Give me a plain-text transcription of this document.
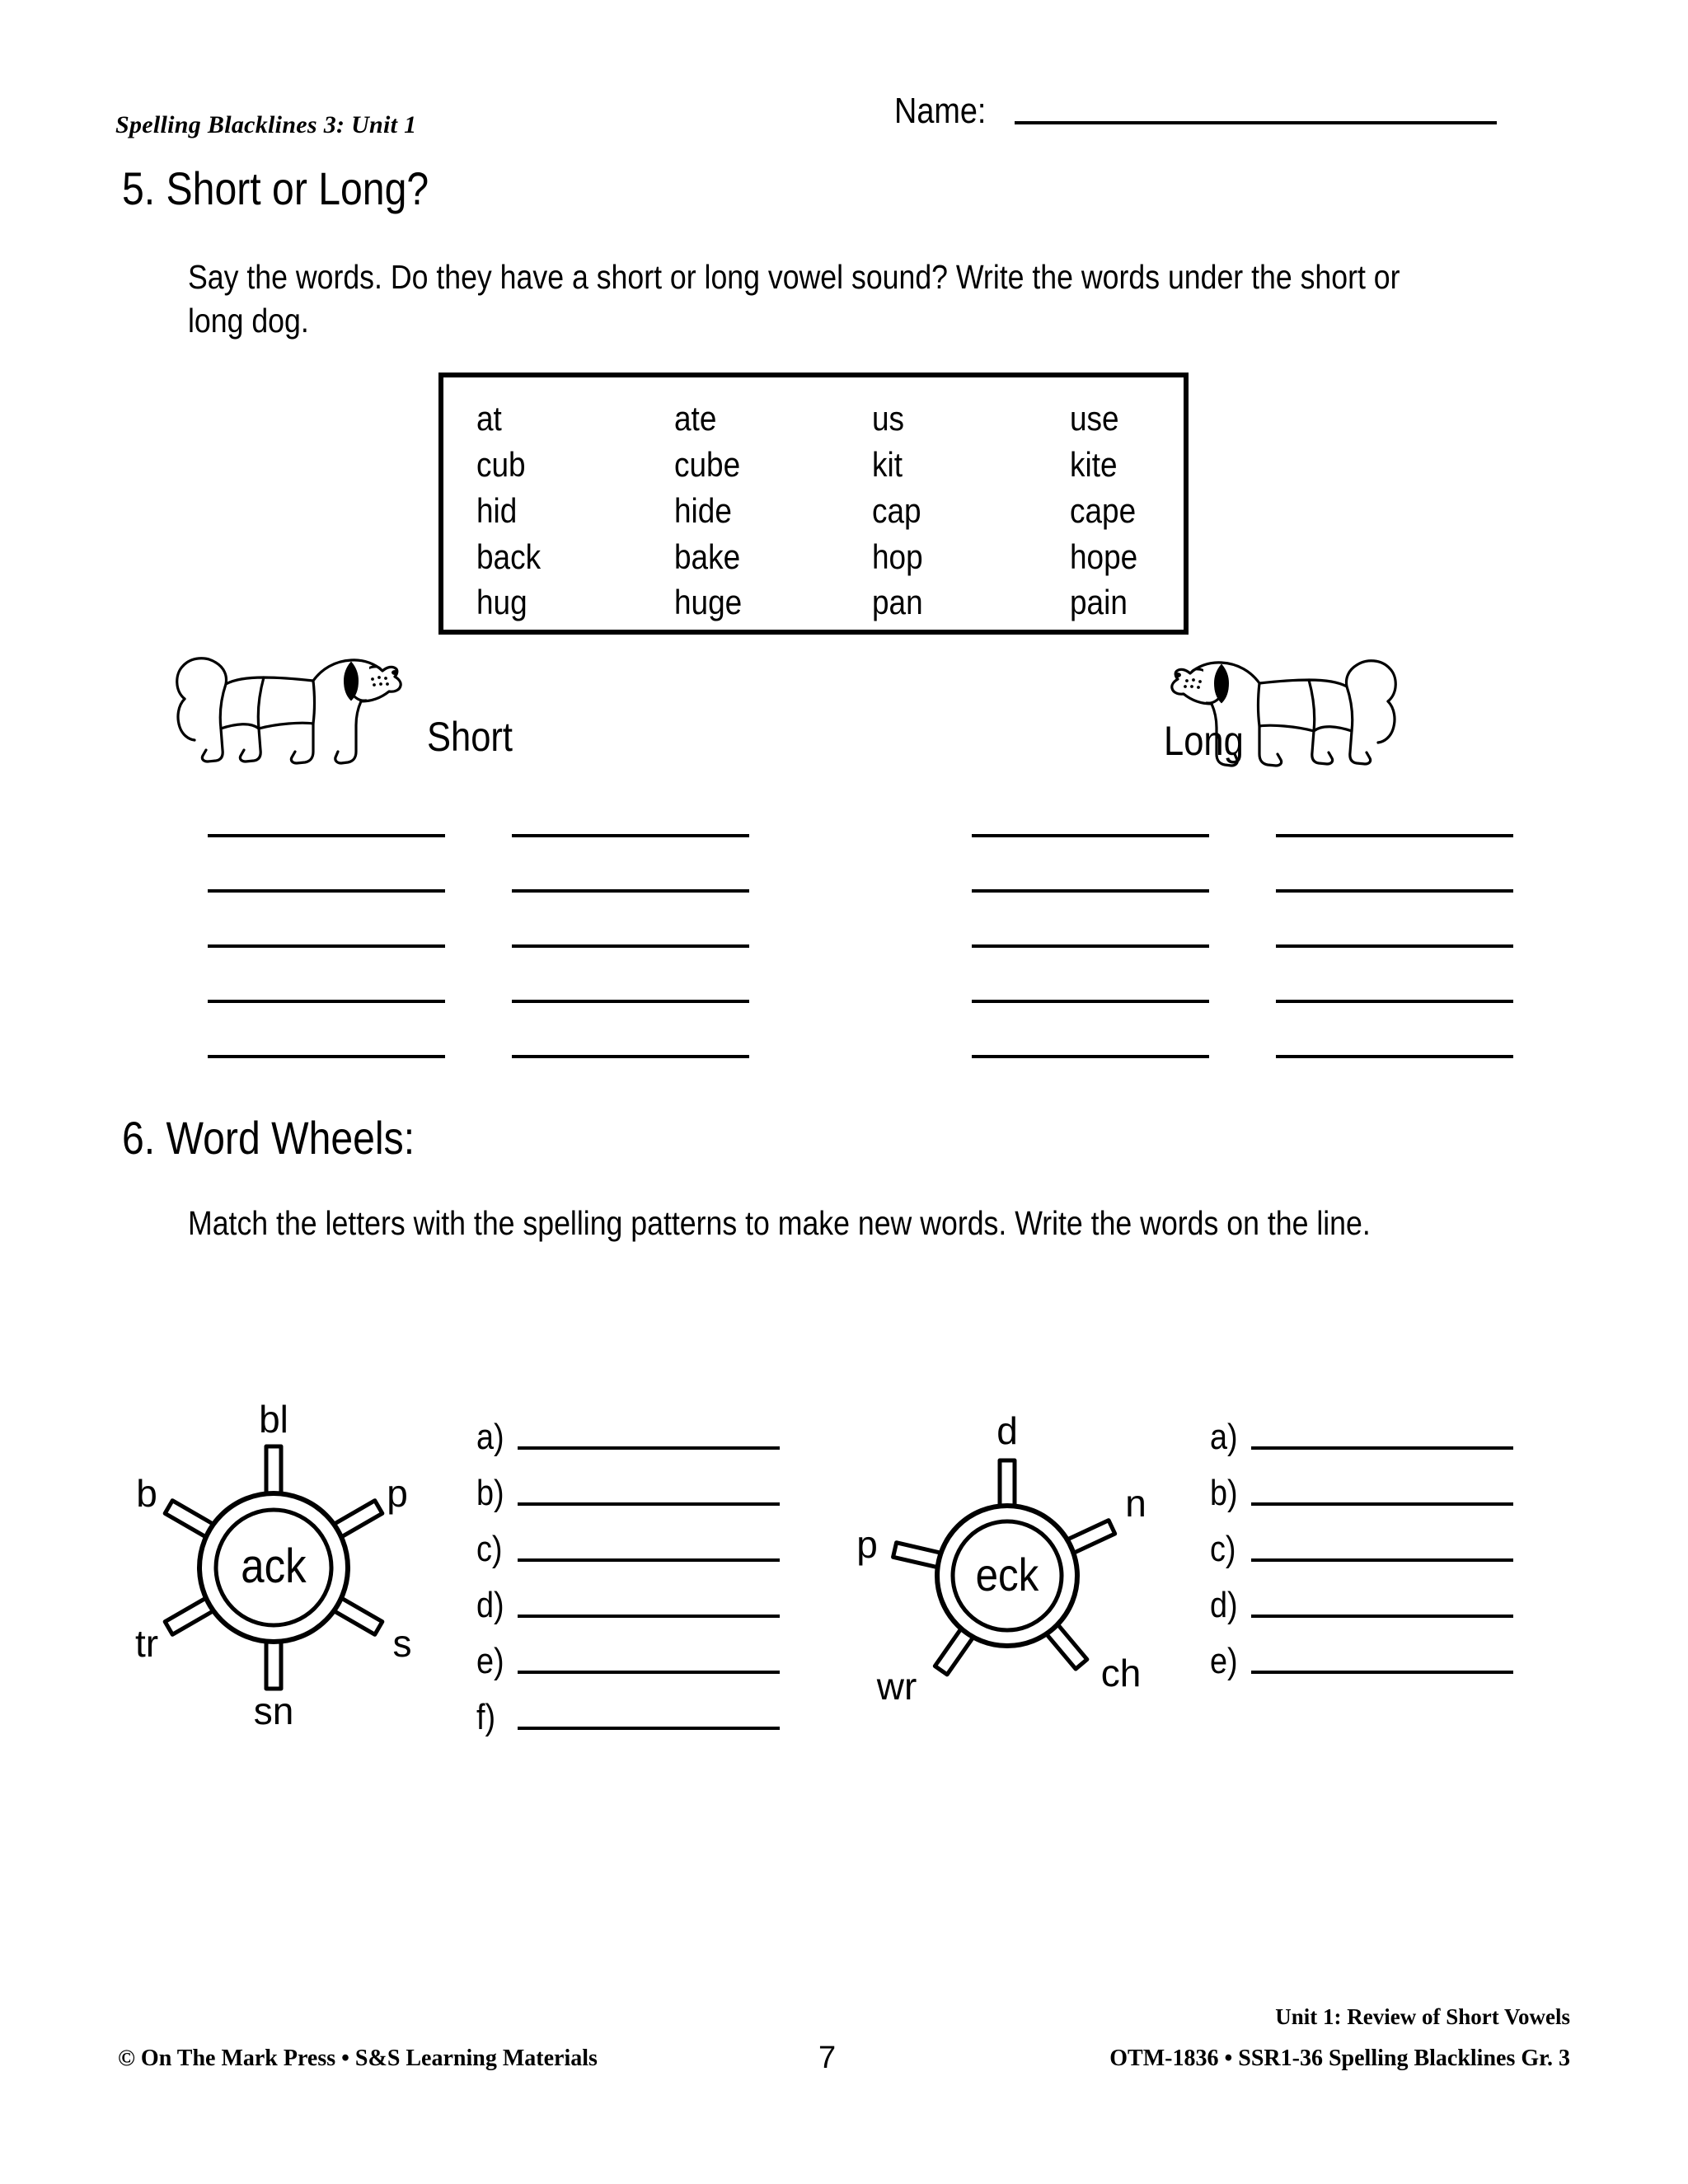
Spelling Blacklines 3: Unit 1	Name:
5. Short or Long?
Say the words. Do they have a short or long vowel sound? Write the words under the short or long dog.
at	ate	us	use
cub	cube	kit	kite
hid	hide	cap	cape
back	bake	hop	hope
hug	huge	pan	pain
Short	Long
6. Word Wheels:
Match the letters with the spelling patterns to make new words. Write the words on the line.
ack
bl
p
s
sn
tr
b
eck
d
n
ch
wr
p
a)
b)
c)
d)
e)
f)
a)
b)
c)
d)
e)
Unit 1: Review of Short Vowels
© On The Mark Press • S&S Learning Materials	7	OTM-1836 • SSR1-36 Spelling Blacklines Gr. 3
